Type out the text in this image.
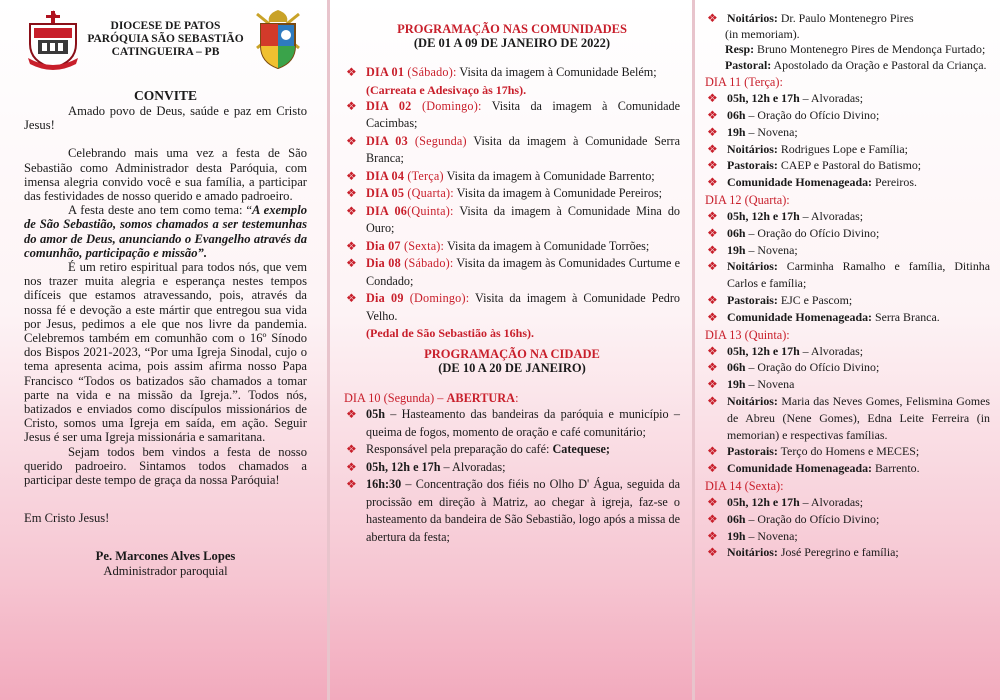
DIOCESE DE PATOS
PARÓQUIA SÃO SEBASTIÃO
CATINGUEIRA – PB
CONVITE

Amado povo de Deus, saúde e paz em Cristo Jesus!

Celebrando mais uma vez a festa de São Sebastião como Administrador desta Paróquia, com imensa alegria convido você e sua família, a participar das festividades de nosso querido e amado padroeiro.

A festa deste ano tem como tema: “A exemplo de São Sebastião, somos chamados a ser testemunhas do amor de Deus, anunciando o Evangelho através da comunhão, participação e missão”.

É um retiro espiritual para todos nós, que vem nos trazer muita alegria e esperança nestes tempos difíceis que estamos atravessando, pois, através da nossa fé e devoção a este mártir que entregou sua vida por Jesus, pedimos a ele que nos livre da pandemia. Celebremos também em comunhão com o 16º Sínodo dos Bispos 2021-2023, “Por uma Igreja Sinodal, cujo o tema apresenta acima, pois assim afirma nosso Papa Francisco “Todos os batizados são chamados a tomar parte na vida e na missão da Igreja.”. Todos nós, batizados e enviados como discípulos missionários de Cristo, somos uma Igreja em saída, em ação. Seguir Jesus é ser uma Igreja missionária e samaritana.

Sejam todos bem vindos a festa de nosso querido padroeiro. Sintamos todos chamados a participar deste tempo de graça da nossa Paróquia!

Em Cristo Jesus!

Pe. Marcones Alves Lopes
Administrador paroquial
PROGRAMAÇÃO NAS COMUNIDADES
(DE 01 A 09 DE JANEIRO DE 2022)
❖ DIA 01 (Sábado): Visita da imagem à Comunidade Belém;
(Carreata e Adesivaço às 17hs).
❖ DIA 02 (Domingo): Visita da imagem à Comunidade Cacimbas;
❖ DIA 03 (Segunda) Visita da imagem à Comunidade Serra Branca;
❖ DIA 04 (Terça) Visita da imagem à Comunidade Barrento;
❖ DIA 05 (Quarta): Visita da imagem à Comunidade Pereiros;
❖ DIA 06(Quinta): Visita da imagem à Comunidade Mina do Ouro;
❖ Dia 07 (Sexta): Visita da imagem à Comunidade Torrões;
❖ Dia 08 (Sábado): Visita da imagem às Comunidades Curtume e Condado;
❖ Dia 09 (Domingo): Visita da imagem à Comunidade Pedro Velho.
(Pedal de São Sebastião às 16hs).
PROGRAMAÇÃO NA CIDADE
(DE 10 A 20 DE JANEIRO)
DIA 10 (Segunda) – ABERTURA:
❖ 05h – Hasteamento das bandeiras da paróquia e município – queima de fogos, momento de oração e café comunitário;
❖ Responsável pela preparação do café: Catequese;
❖ 05h, 12h e 17h – Alvoradas;
❖ 16h:30 – Concentração dos fiéis no Olho D' Água, seguida da procissão em direção à Matriz, ao chegar à igreja, faz-se o hasteamento da bandeira de São Sebastião, logo após a missa de abertura da festa;
❖ Noitários: Dr. Paulo Montenegro Pires
(in memoriam).
Resp: Bruno Montenegro Pires de Mendonça Furtado;
Pastoral: Apostolado da Oração e Pastoral da Criança.
DIA 11 (Terça):
❖ 05h, 12h e 17h – Alvoradas;
❖ 06h – Oração do Ofício Divino;
❖ 19h – Novena;
❖ Noitários: Rodrigues Lope e Família;
❖ Pastorais: CAEP e Pastoral do Batismo;
❖ Comunidade Homenageada: Pereiros.
DIA 12 (Quarta):
❖ 05h, 12h e 17h – Alvoradas;
❖ 06h – Oração do Ofício Divino;
❖ 19h – Novena;
❖ Noitários: Carminha Ramalho e família, Ditinha Carlos e família;
❖ Pastorais: EJC e Pascom;
❖ Comunidade Homenageada: Serra Branca.
DIA 13 (Quinta):
❖ 05h, 12h e 17h – Alvoradas;
❖ 06h – Oração do Ofício Divino;
❖ 19h – Novena
❖ Noitários: Maria das Neves Gomes, Felismina Gomes de Abreu (Nene Gomes), Edna Leite Ferreira (in memorian) e respectivas famílias.
❖ Pastorais: Terço do Homens e MECES;
❖ Comunidade Homenageada: Barrento.
DIA 14 (Sexta):
❖ 05h, 12h e 17h – Alvoradas;
❖ 06h – Oração do Ofício Divino;
❖ 19h – Novena;
❖ Noitários: José Peregrino e família;
